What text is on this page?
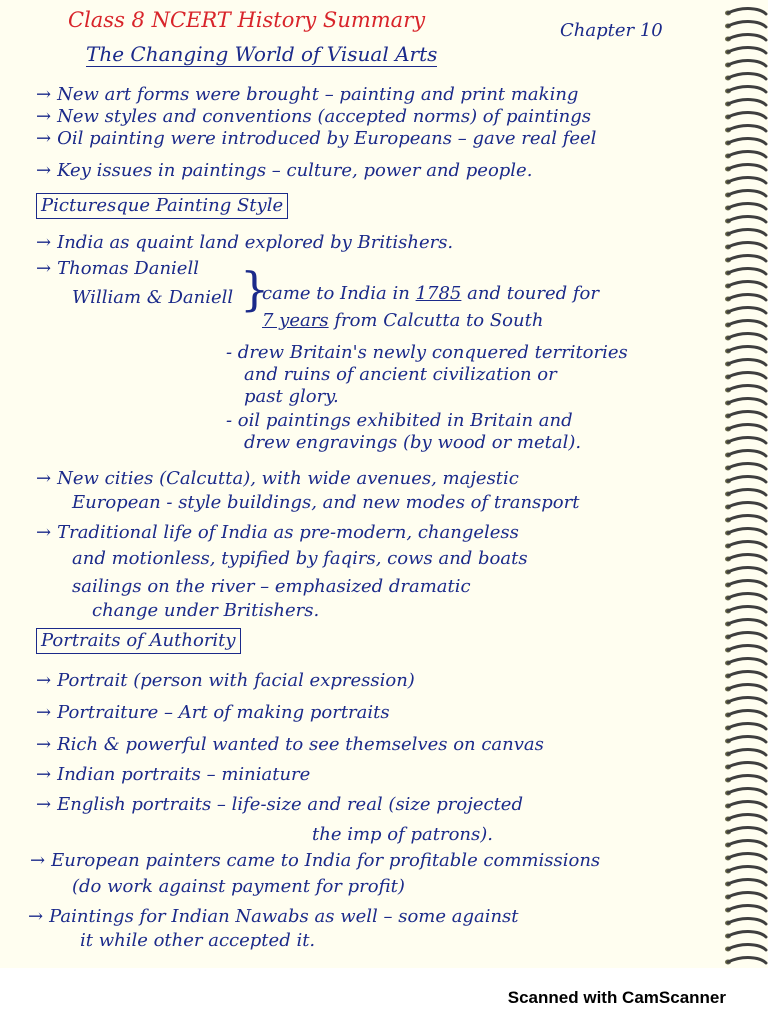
Class 8 NCERT History Summary	Chapter 10
The Changing World of Visual Arts
→ New art forms were brought – painting and print making
→ New styles and conventions (accepted norms) of paintings
→ Oil painting were introduced by Europeans – gave real feel
→ Key issues in paintings – culture, power and people.
Picturesque Painting Style
→ India as quaint land explored by Britishers.
→ Thomas Daniell
William & Daniell }
came to India in 1785 and toured for
7 years from Calcutta to South
- drew Britain's newly conquered territories
and ruins of ancient civilization or
past glory.
- oil paintings exhibited in Britain and
drew engravings (by wood or metal).
→ New cities (Calcutta), with wide avenues, majestic
European - style buildings, and new modes of transport
→ Traditional life of India as pre-modern, changeless
and motionless, typified by faqirs, cows and boats
sailings on the river – emphasized dramatic
change under Britishers.
Portraits of Authority
→ Portrait (person with facial expression)
→ Portraiture – Art of making portraits
→ Rich & powerful wanted to see themselves on canvas
→ Indian portraits – miniature
→ English portraits – life-size and real (size projected
the imp of patrons).
→ European painters came to India for profitable commissions
(do work against payment for profit)
→ Paintings for Indian Nawabs as well – some against
it while other accepted it.
Scanned with CamScanner
